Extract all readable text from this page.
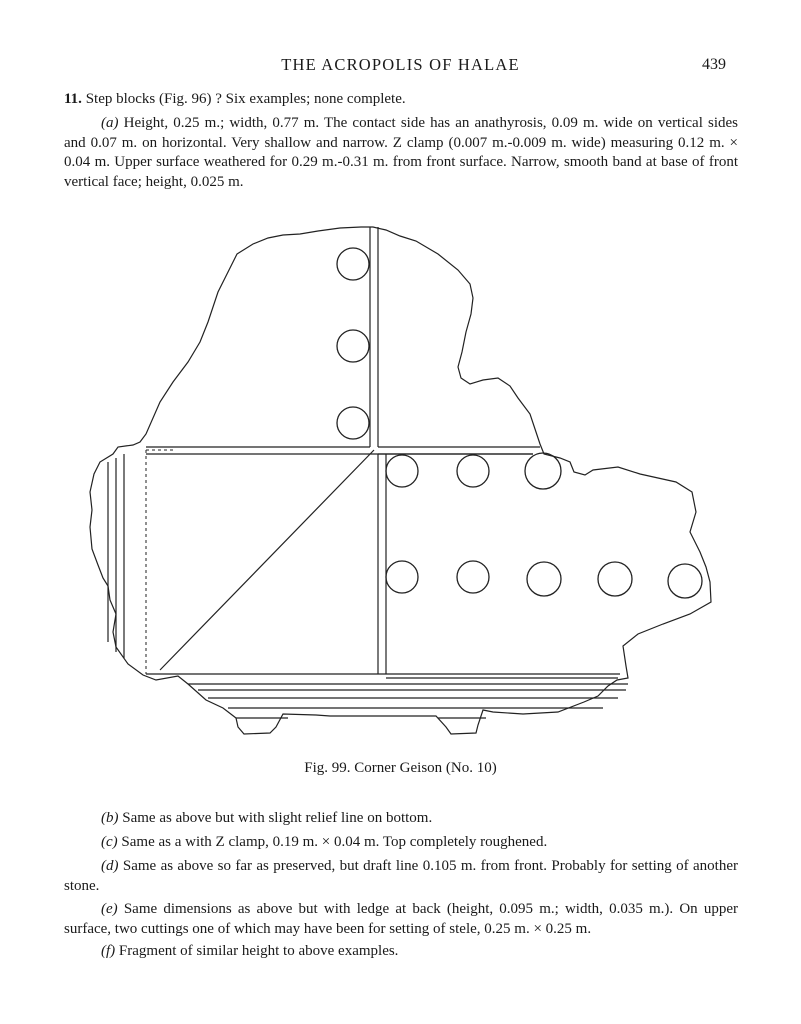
THE ACROPOLIS OF HALAE	439

11. Step blocks (Fig. 96) ? Six examples; none complete.

(a) Height, 0.25 m.; width, 0.77 m. The contact side has an anathyrosis, 0.09 m. wide on vertical sides and 0.07 m. on horizontal. Very shallow and narrow. Z clamp (0.007 m.-0.009 m. wide) measuring 0.12 m. × 0.04 m. Upper surface weathered for 0.29 m.-0.31 m. from front surface. Narrow, smooth band at base of front vertical face; height, 0.025 m.

Fig. 99. Corner Geison (No. 10)

(b) Same as above but with slight relief line on bottom.

(c) Same as a with Z clamp, 0.19 m. × 0.04 m. Top completely roughened.

(d) Same as above so far as preserved, but draft line 0.105 m. from front. Probably for setting of another stone.

(e) Same dimensions as above but with ledge at back (height, 0.095 m.; width, 0.035 m.). On upper surface, two cuttings one of which may have been for setting of stele, 0.25 m. × 0.25 m.

(f) Fragment of similar height to above examples.
